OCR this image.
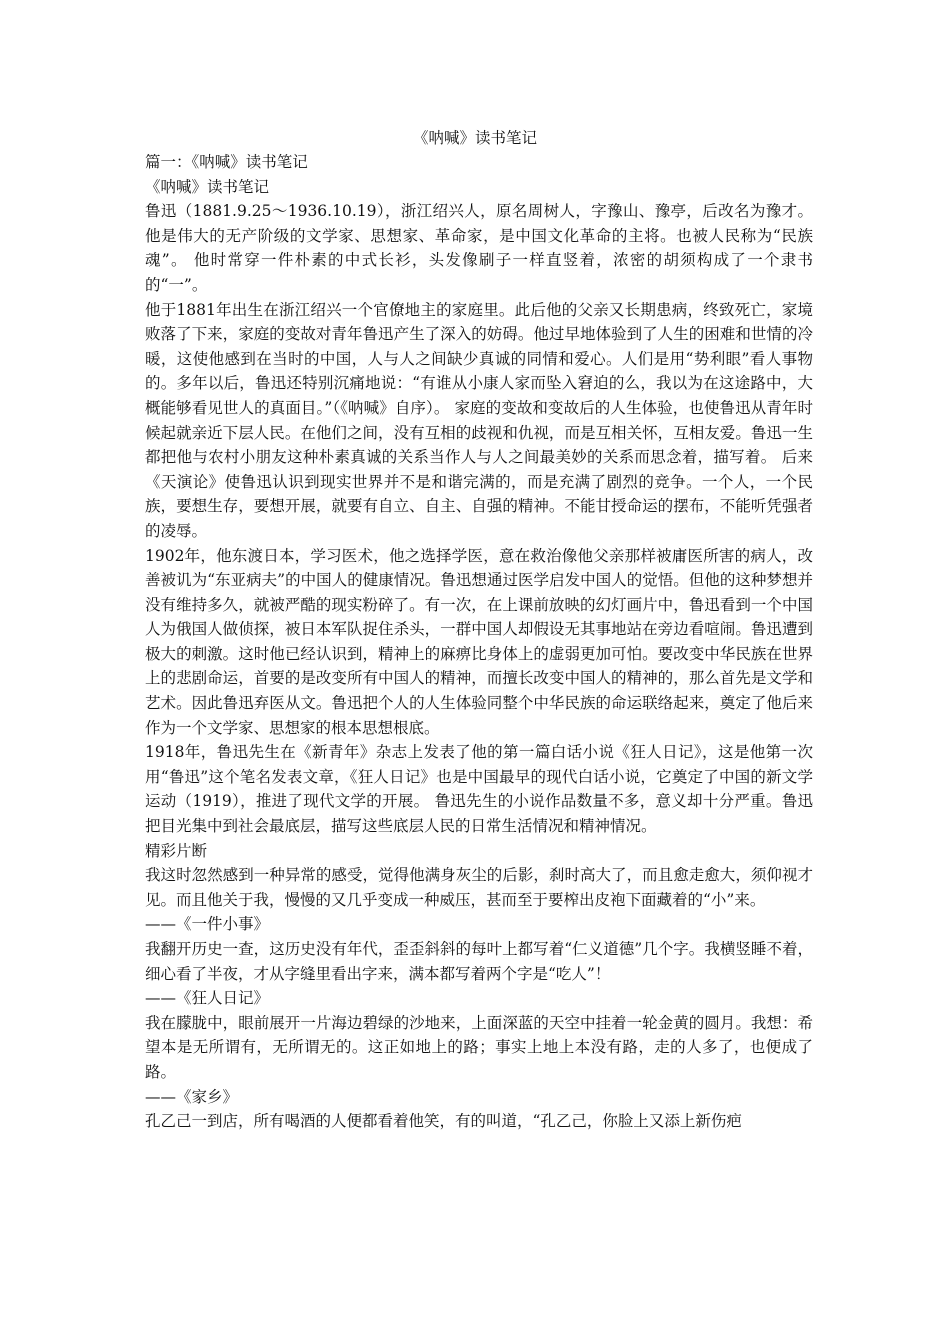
《呐喊》读书笔记

篇一：《呐喊》读书笔记

《呐喊》读书笔记

鲁迅（1881.9.25～1936.10.19），浙江绍兴人，原名周树人，字豫山、豫亭，后改名为豫才。他是伟大的无产阶级的文学家、思想家、革命家，是中国文化革命的主将。也被人民称为“民族魂”。 他时常穿一件朴素的中式长衫，头发像刷子一样直竖着，浓密的胡须构成了一个隶书的“一”。

他于1881年出生在浙江绍兴一个官僚地主的家庭里。此后他的父亲又长期患病，终致死亡，家境败落了下来，家庭的变故对青年鲁迅产生了深入的妨碍。他过早地体验到了人生的困难和世情的冷暖，这使他感到在当时的中国，人与人之间缺少真诚的同情和爱心。人们是用“势利眼”看人事物的。多年以后，鲁迅还特别沉痛地说：“有谁从小康人家而坠入窘迫的么，我以为在这途路中，大概能够看见世人的真面目。”（《呐喊》自序）。 家庭的变故和变故后的人生体验，也使鲁迅从青年时候起就亲近下层人民。在他们之间，没有互相的歧视和仇视，而是互相关怀，互相友爱。鲁迅一生都把他与农村小朋友这种朴素真诚的关系当作人与人之间最美妙的关系而思念着，描写着。 后来《天演论》使鲁迅认识到现实世界并不是和谐完满的，而是充满了剧烈的竞争。一个人，一个民族，要想生存，要想开展，就要有自立、自主、自强的精神。不能甘授命运的摆布，不能听凭强者的凌辱。

1902年，他东渡日本，学习医术，他之选择学医，意在救治像他父亲那样被庸医所害的病人，改善被讥为“东亚病夫”的中国人的健康情况。鲁迅想通过医学启发中国人的觉悟。但他的这种梦想并没有维持多久，就被严酷的现实粉碎了。有一次，在上课前放映的幻灯画片中，鲁迅看到一个中国人为俄国人做侦探，被日本军队捉住杀头，一群中国人却假设无其事地站在旁边看喧闹。鲁迅遭到极大的刺激。这时他已经认识到，精神上的麻痹比身体上的虚弱更加可怕。要改变中华民族在世界上的悲剧命运，首要的是改变所有中国人的精神，而擅长改变中国人的精神的，那么首先是文学和艺术。因此鲁迅弃医从文。鲁迅把个人的人生体验同整个中华民族的命运联络起来，奠定了他后来作为一个文学家、思想家的根本思想根底。

1918年，鲁迅先生在《新青年》杂志上发表了他的第一篇白话小说《狂人日记》，这是他第一次用“鲁迅”这个笔名发表文章，《狂人日记》也是中国最早的现代白话小说，它奠定了中国的新文学运动（1919），推进了现代文学的开展。 鲁迅先生的小说作品数量不多，意义却十分严重。鲁迅把目光集中到社会最底层，描写这些底层人民的日常生活情况和精神情况。

精彩片断

我这时忽然感到一种异常的感受，觉得他满身灰尘的后影，刹时高大了，而且愈走愈大，须仰视才见。而且他关于我，慢慢的又几乎变成一种威压，甚而至于要榨出皮袍下面藏着的“小”来。

——《一件小事》

我翻开历史一查，这历史没有年代，歪歪斜斜的每叶上都写着“仁义道德”几个字。我横竖睡不着，细心看了半夜，才从字缝里看出字来，满本都写着两个字是“吃人”！

——《狂人日记》

我在朦胧中，眼前展开一片海边碧绿的沙地来，上面深蓝的天空中挂着一轮金黄的圆月。我想：希望本是无所谓有，无所谓无的。这正如地上的路；事实上地上本没有路，走的人多了，也便成了路。

——《家乡》

孔乙己一到店，所有喝酒的人便都看着他笑，有的叫道，“孔乙己，你脸上又添上新伤疤
